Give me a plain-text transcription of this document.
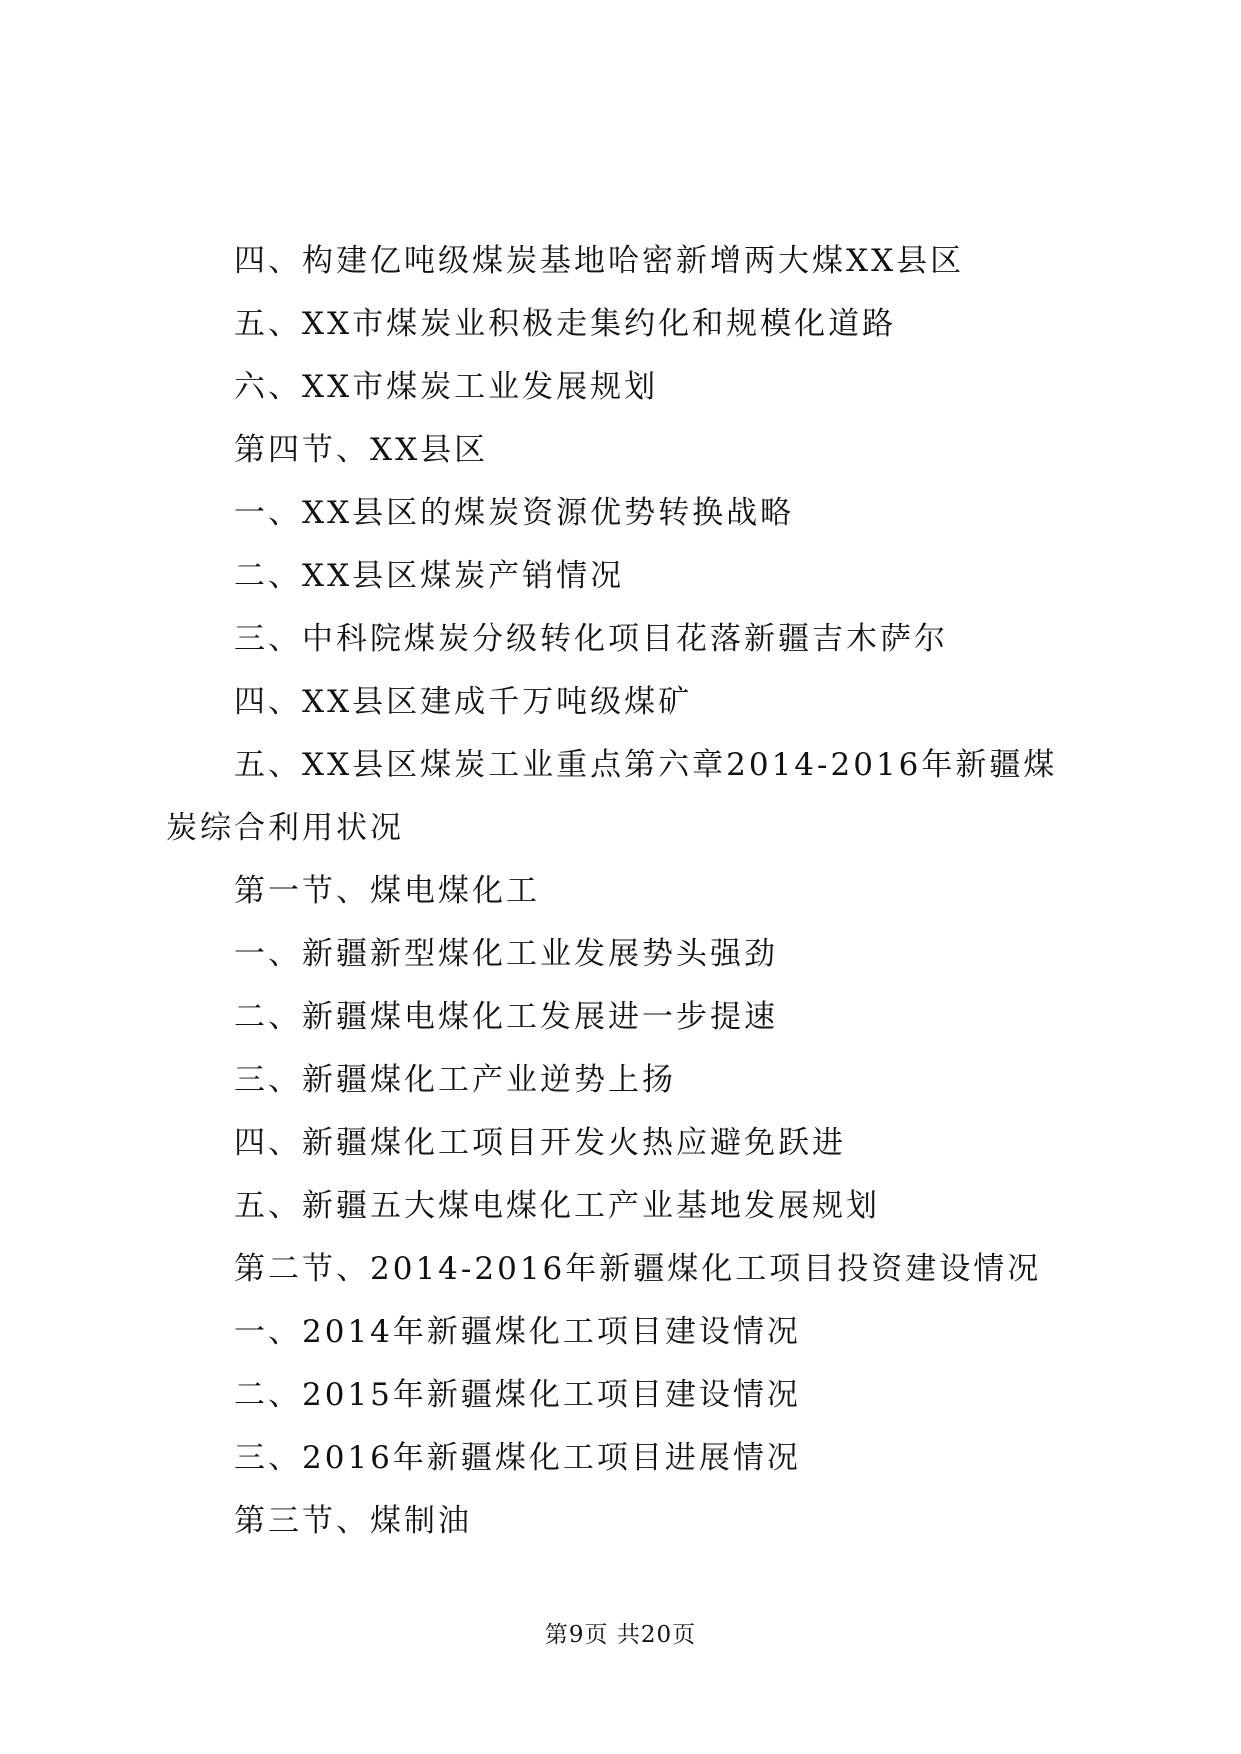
四、构建亿吨级煤炭基地哈密新增两大煤XX县区

五、XX市煤炭业积极走集约化和规模化道路

六、XX市煤炭工业发展规划

第四节、XX县区

一、XX县区的煤炭资源优势转换战略

二、XX县区煤炭产销情况

三、中科院煤炭分级转化项目花落新疆吉木萨尔

四、XX县区建成千万吨级煤矿

五、XX县区煤炭工业重点第六章2014-2016年新疆煤炭综合利用状况

第一节、煤电煤化工

一、新疆新型煤化工业发展势头强劲

二、新疆煤电煤化工发展进一步提速

三、新疆煤化工产业逆势上扬

四、新疆煤化工项目开发火热应避免跃进

五、新疆五大煤电煤化工产业基地发展规划

第二节、2014-2016年新疆煤化工项目投资建设情况

一、2014年新疆煤化工项目建设情况

二、2015年新疆煤化工项目建设情况

三、2016年新疆煤化工项目进展情况

第三节、煤制油

第9页 共20页
